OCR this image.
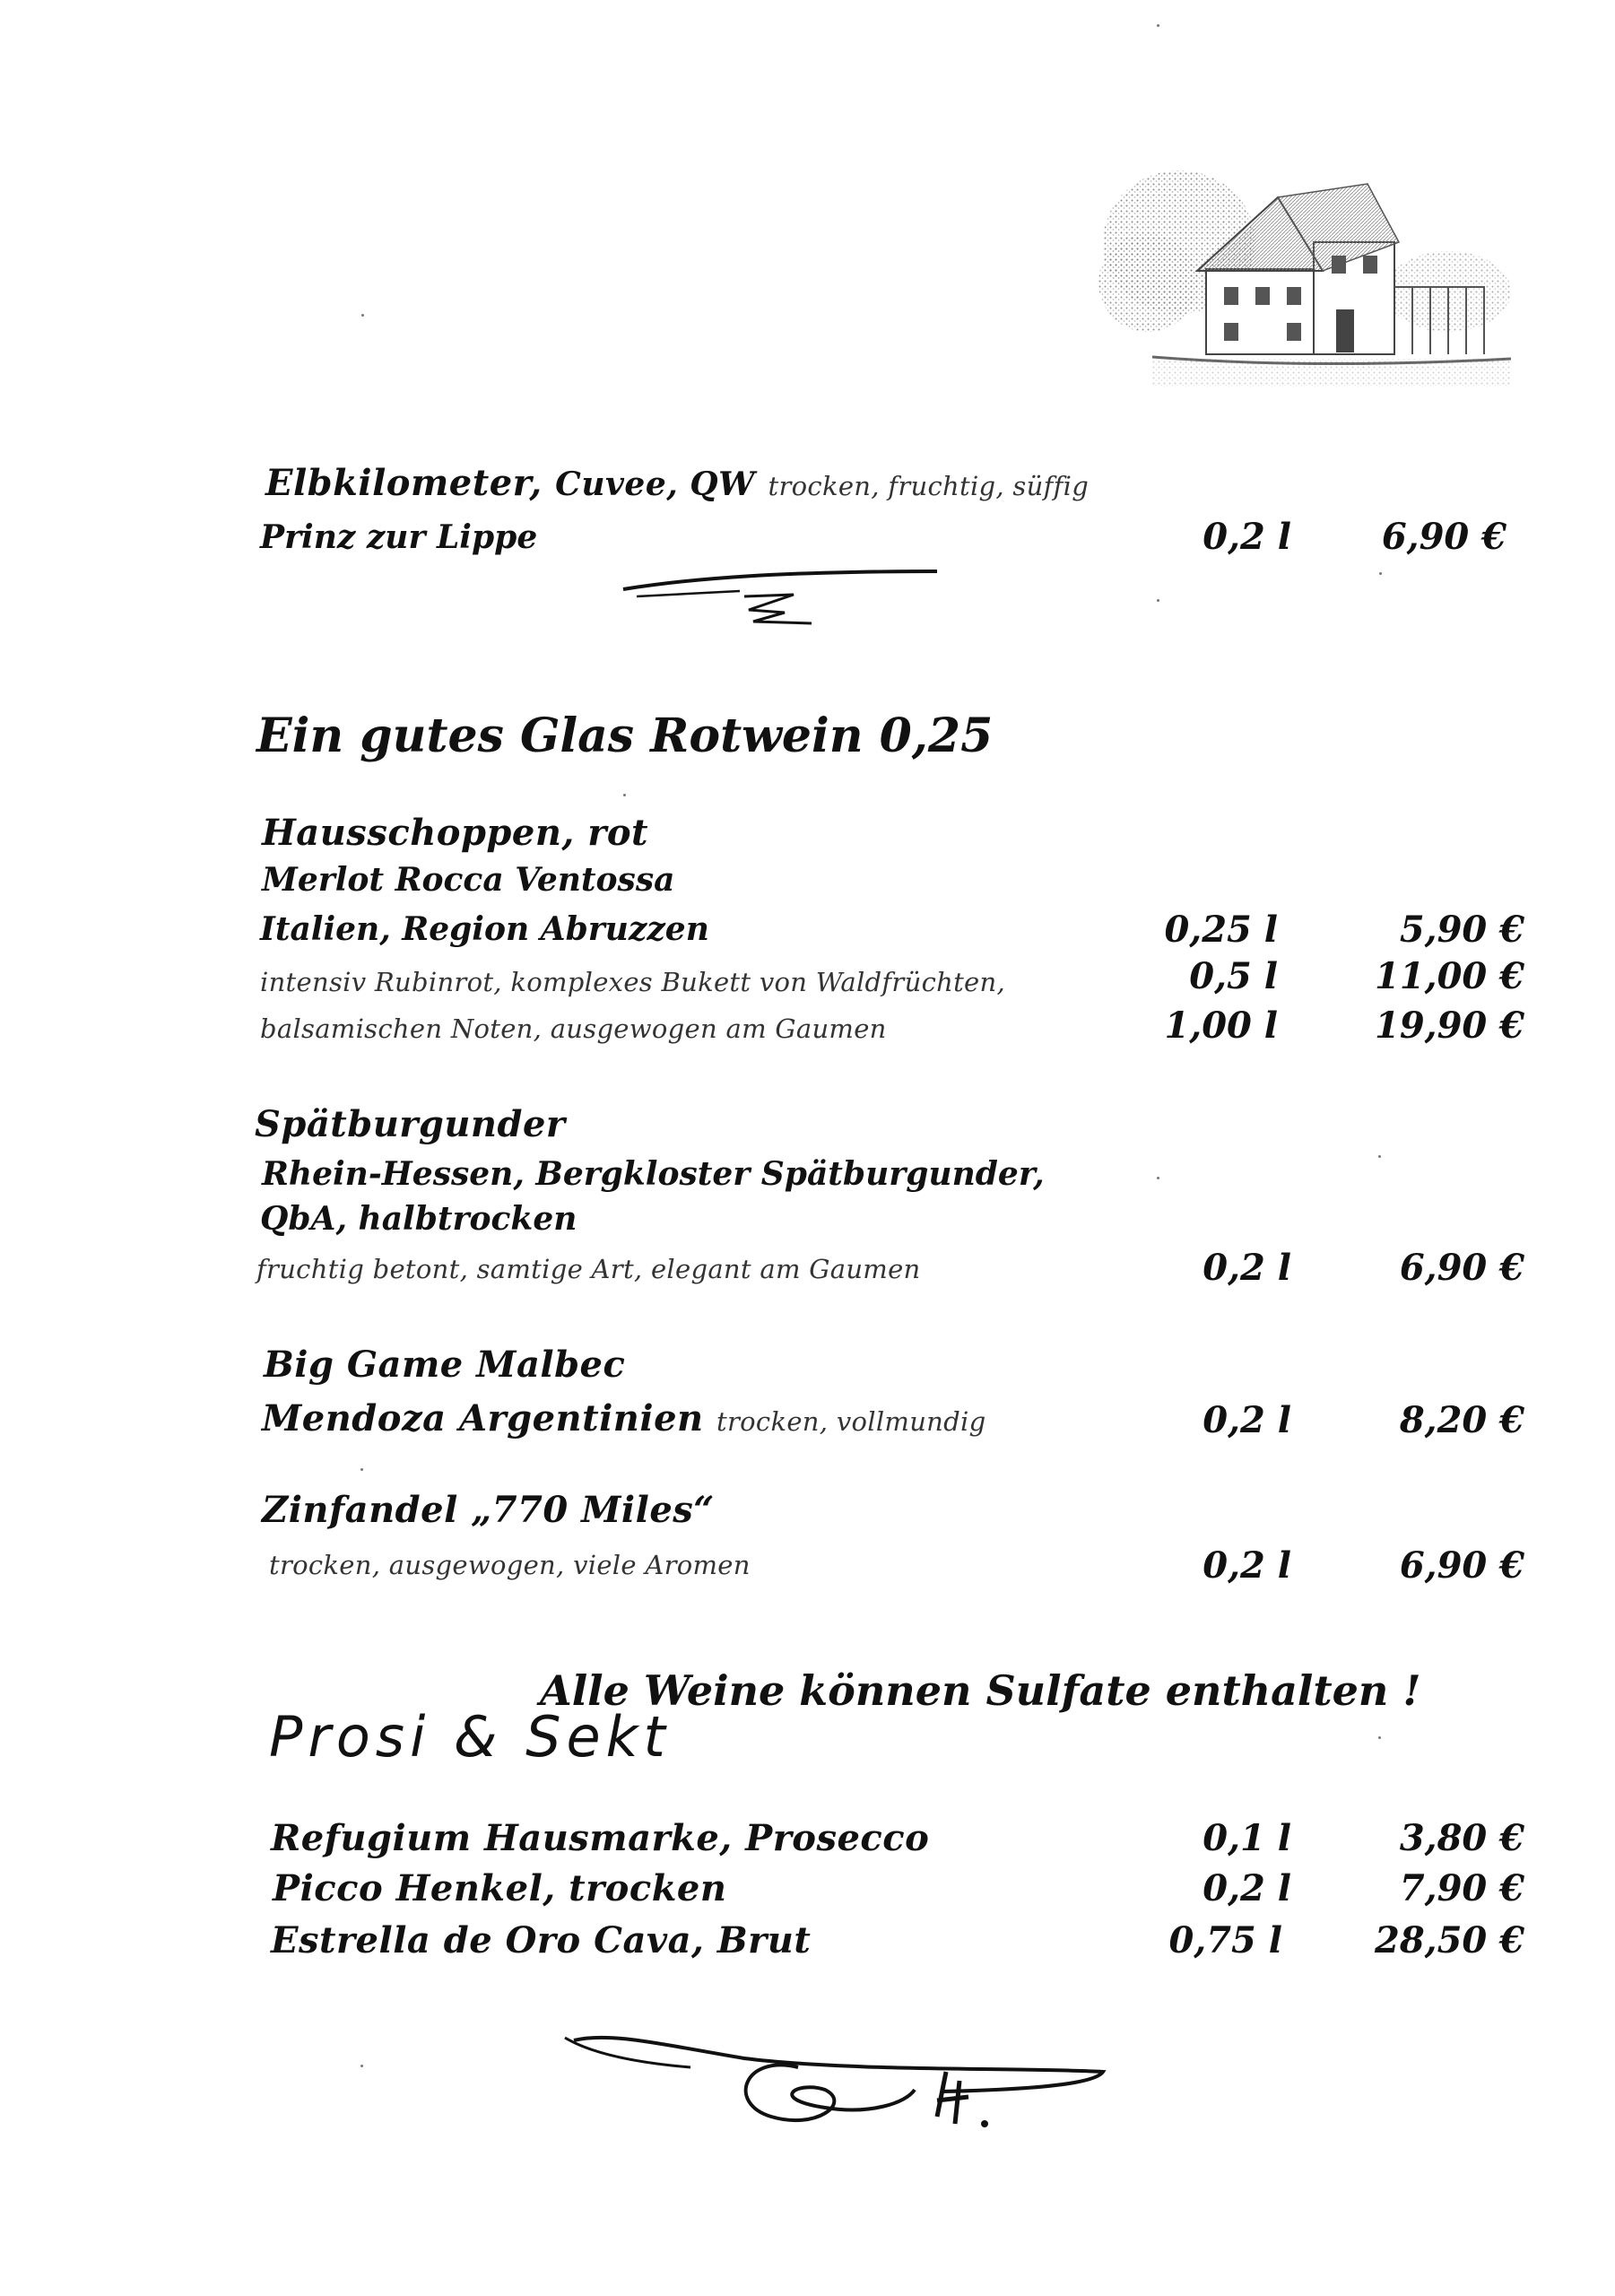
Elbkilometer, Cuvee, QW trocken, fruchtig, süffig
Prinz zur Lippe	0,2 l	6,90 €
Ein gutes Glas Rotwein 0,25
Hausschoppen, rot
Merlot Rocca Ventossa
Italien, Region Abruzzen
intensiv Rubinrot, komplexes Bukett von Waldfrüchten,
balsamischen Noten, ausgewogen am Gaumen
0,25 l	5,90 €
0,5 l	11,00 €
1,00 l	19,90 €
Spätburgunder
Rhein-Hessen, Bergkloster Spätburgunder,
QbA, halbtrocken
fruchtig betont, samtige Art, elegant am Gaumen	0,2 l	6,90 €
Big Game Malbec
Mendoza Argentinien trocken, vollmundig	0,2 l	8,20 €
Zinfandel „770 Miles“
trocken, ausgewogen, viele Aromen	0,2 l	6,90 €
Alle Weine können Sulfate enthalten !
Prosi & Sekt
Refugium Hausmarke, Prosecco	0,1 l	3,80 €
Picco Henkel, trocken	0,2 l	7,90 €
Estrella de Oro Cava, Brut	0,75 l	28,50 €
